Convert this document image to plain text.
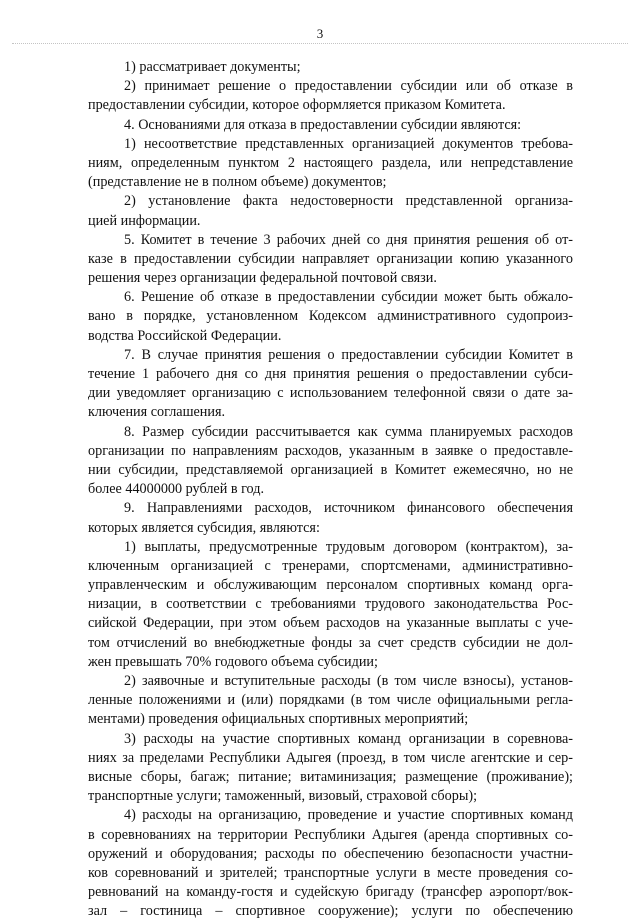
3
1) рассматривает документы;
2) принимает решение о предоставлении субсидии или об отказе в
предоставлении субсидии, которое оформляется приказом Комитета.
4. Основаниями для отказа в предоставлении субсидии являются:
1) несоответствие представленных организацией документов требова-
ниям, определенным пунктом 2 настоящего раздела, или непредставление
(представление не в полном объеме) документов;
2) установление факта недостоверности представленной организа-
цией информации.
5. Комитет в течение 3 рабочих дней со дня принятия решения об от-
казе в предоставлении субсидии направляет организации копию указанного
решения через организации федеральной почтовой связи.
6. Решение об отказе в предоставлении субсидии может быть обжало-
вано в порядке, установленном Кодексом административного судопроиз-
водства Российской Федерации.
7. В случае принятия решения о предоставлении субсидии Комитет в
течение 1 рабочего дня со дня принятия решения о предоставлении субси-
дии уведомляет организацию с использованием телефонной связи о дате за-
ключения соглашения.
8. Размер субсидии рассчитывается как сумма планируемых расходов
организации по направлениям расходов, указанным в заявке о предоставле-
нии субсидии, представляемой организацией в Комитет ежемесячно, но не
более 44000000 рублей в год.
9. Направлениями расходов, источником финансового обеспечения
которых является субсидия, являются:
1) выплаты, предусмотренные трудовым договором (контрактом), за-
ключенным организацией с тренерами, спортсменами, административно-
управленческим и обслуживающим персоналом спортивных команд орга-
низации, в соответствии с требованиями трудового законодательства Рос-
сийской Федерации, при этом объем расходов на указанные выплаты с уче-
том отчислений во внебюджетные фонды за счет средств субсидии не дол-
жен превышать 70% годового объема субсидии;
2) заявочные и вступительные расходы (в том числе взносы), установ-
ленные положениями и (или) порядками (в том числе официальными регла-
ментами) проведения официальных спортивных мероприятий;
3) расходы на участие спортивных команд организации в соревнова-
ниях за пределами Республики Адыгея (проезд, в том числе агентские и сер-
висные сборы, багаж; питание; витаминизация; размещение (проживание);
транспортные услуги; таможенный, визовый, страховой сборы);
4) расходы на организацию, проведение и участие спортивных команд
в соревнованиях на территории Республики Адыгея (аренда спортивных со-
оружений и оборудования; расходы по обеспечению безопасности участни-
ков соревнований и зрителей; транспортные услуги в месте проведения со-
ревнований на команду-гостя и судейскую бригаду (трансфер аэропорт/вок-
зал – гостиница – спортивное сооружение); услуги по обеспечению
